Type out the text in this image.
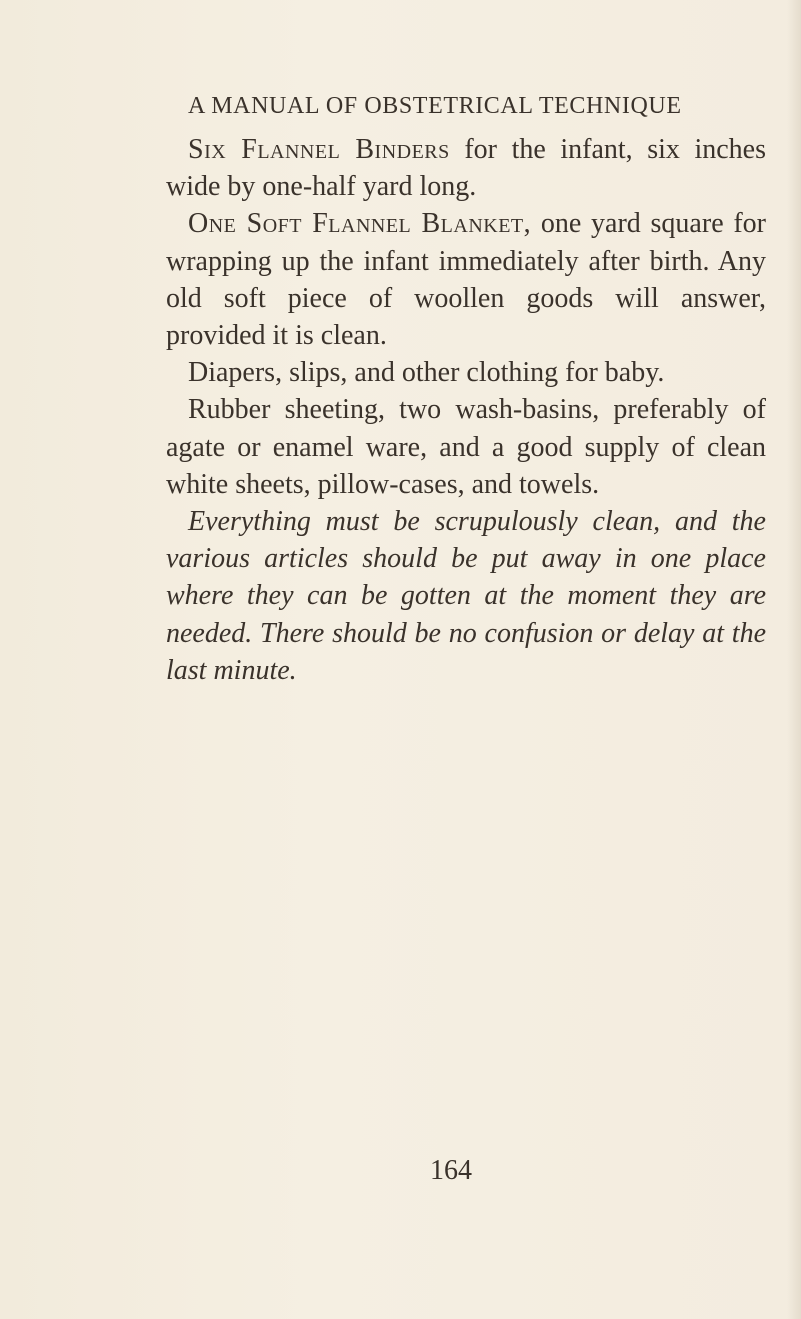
A MANUAL OF OBSTETRICAL TECHNIQUE

Six Flannel Binders for the infant, six inches wide by one-half yard long.

One Soft Flannel Blanket, one yard square for wrapping up the infant immediately after birth. Any old soft piece of woollen goods will answer, provided it is clean.

Diapers, slips, and other clothing for baby.

Rubber sheeting, two wash-basins, preferably of agate or enamel ware, and a good supply of clean white sheets, pillow-cases, and towels.

Everything must be scrupulously clean, and the various articles should be put away in one place where they can be gotten at the moment they are needed. There should be no confusion or delay at the last minute.

164
